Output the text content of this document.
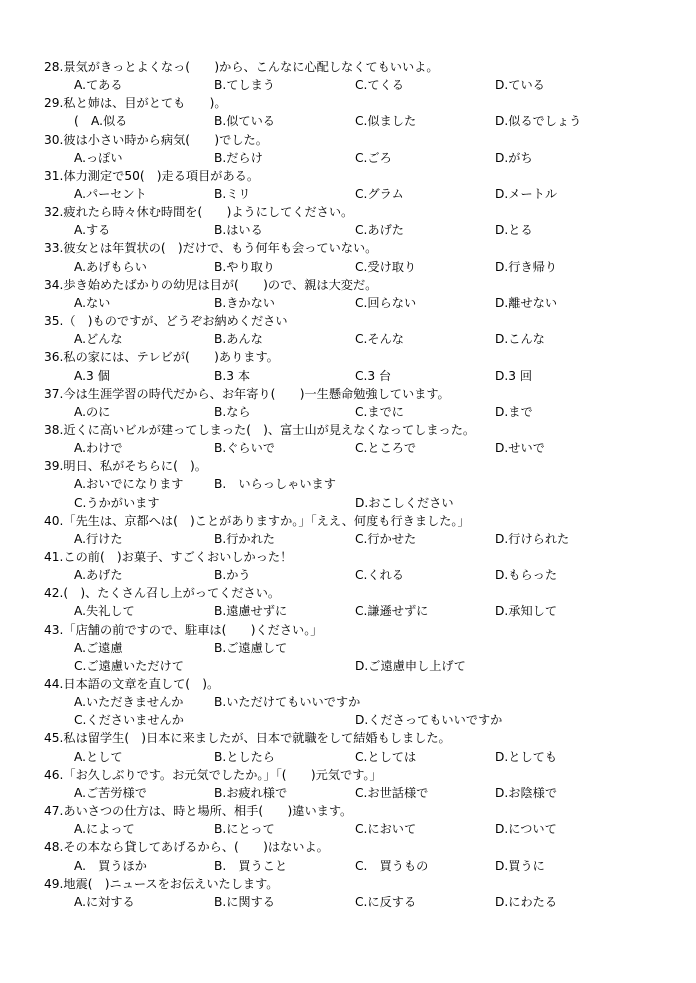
28.景気がきっとよくなっ(　　)から、こんなに心配しなくてもいいよ。
A.てある	B.てしまう	C.てくる	D.ている
29.私と姉は、目がとても　　)。
(　A.似る	B.似ている	C.似ました	D.似るでしょう
30.彼は小さい時から病気(　　)でした。
A.っぽい	B.だらけ	C.ごろ	D.がち
31.体力測定で50(　)走る項目がある。
A.パーセント	B.ミリ	C.グラム	D.メートル
32.疲れたら時々休む時間を(　　)ようにしてください。
A.する	B.はいる	C.あげた	D.とる
33.彼女とは年賀状の(　)だけで、もう何年も会っていない。
A.あげもらい	B.やり取り	C.受け取り	D.行き帰り
34.歩き始めたばかりの幼児は目が(　　)ので、親は大変だ。
A.ない	B.きかない	C.回らない	D.離せない
35.（　)ものですが、どうぞお納めください
A.どんな	B.あんな	C.そんな	D.こんな
36.私の家には、テレビが(　　)あります。
A.3 個	B.3 本	C.3 台	D.3 回
37.今は生涯学習の時代だから、お年寄り(　　)一生懸命勉強しています。
A.のに	B.なら	C.までに	D.まで
38.近くに高いビルが建ってしまった(　)、富士山が見えなくなってしまった。
A.わけで	B.ぐらいで	C.ところで	D.せいで
39.明日、私がそちらに(　)。
A.おいでになります	B.　いらっしゃいます
C.うかがいます	D.おこしください
40.「先生は、京都へは(　)ことがありますか。」「ええ、何度も行きました。」
A.行けた	B.行かれた	C.行かせた	D.行けられた
41.この前(　)お菓子、すごくおいしかった！
A.あげた	B.かう	C.くれる	D.もらった
42.(　)、たくさん召し上がってください。
A.失礼して	B.遠慮せずに	C.謙遜せずに	D.承知して
43.「店舗の前ですので、駐車は(　　)ください。」
A.ご遠慮	B.ご遠慮して
C.ご遠慮いただけて	D.ご遠慮申し上げて
44.日本語の文章を直して(　)。
A.いただきませんか	B.いただけてもいいですか
C.くださいませんか	D.くださってもいいですか
45.私は留学生(　)日本に来ましたが、日本で就職をして結婚もしました。
A.として	B.としたら	C.としては	D.としても
46.「お久しぶりです。お元気でしたか。」「(　　)元気です。」
A.ご苦労様で	B.お疲れ様で	C.お世話様で	D.お陰様で
47.あいさつの仕方は、時と場所、相手(　　)違います。
A.によって	B.にとって	C.において	D.について
48.その本なら貸してあげるから、(　　)はないよ。
A.　買うほか	B.　買うこと	C.　買うもの	D.買うに
49.地震(　)ニュースをお伝えいたします。
A.に対する	B.に関する	C.に反する	D.にわたる
